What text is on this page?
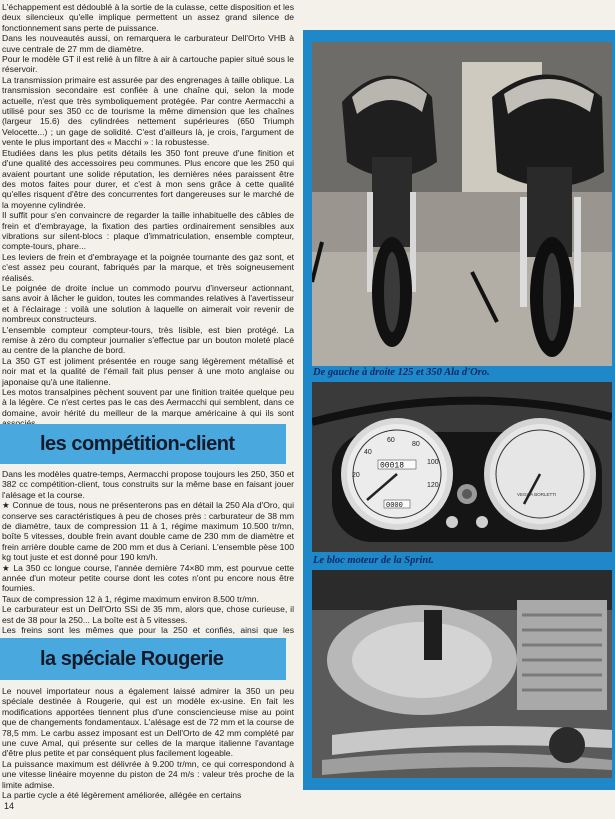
L'échappement est dédoublé à la sortie de la culasse, cette disposition et les deux silencieux qu'elle implique permettent un assez grand silence de fonctionnement sans perte de puissance.

Dans les nouveautés aussi, on remarquera le carburateur Dell'Orto VHB à cuve centrale de 27 mm de diamètre.

Pour le modèle GT il est relié à un filtre à air à cartouche papier situé sous le réservoir.

La transmission primaire est assurée par des engrenages à taille oblique. La transmission secondaire est confiée à une chaîne qui, selon la mode actuelle, n'est que très symboliquement protégée. Par contre Aermacchi a utilisé pour ses 350 cc de tourisme la même dimension que les chaînes (largeur 15.6) des cylindrées nettement supérieures (650 Triumph Velocette...) ; un gage de solidité. C'est d'ailleurs là, je crois, l'argument de vente le plus important des « Macchi » : la robustesse.

Etudiées dans les plus petits détails les 350 font preuve d'une finition et d'une qualité des accessoires peu communes. Plus encore que les 250 qui avaient pourtant une solide réputation, les dernières nées paraissent être des motos faites pour durer, et c'est à mon sens grâce à cette qualité qu'elles risquent d'être des concurrentes fort dangereuses sur le marché de la moyenne cylindrée.

Il suffit pour s'en convaincre de regarder la taille inhabituelle des câbles de frein et d'embrayage, la fixation des parties ordinairement sensibles aux vibrations sur silent-blocs : plaque d'immatriculation, ensemble compteur, compte-tours, phare...

Les leviers de frein et d'embrayage et la poignée tournante des gaz sont, et c'est assez peu courant, fabriqués par la marque, et très soigneusement réalisés.

Le poignée de droite inclue un commodo pourvu d'inverseur actionnant, sans avoir à lâcher le guidon, toutes les commandes relatives à l'avertisseur et à l'éclairage : voilà une solution à laquelle on aimerait voir revenir de nombreux constructeurs.

L'ensemble compteur compteur-tours, très lisible, est bien protégé. La remise à zéro du compteur journalier s'effectue par un bouton moleté placé au centre de la planche de bord.

La 350 GT est joliment présentée en rouge sang légèrement métallisé et noir mat et la qualité de l'émail fait plus penser à une moto anglaise ou japonaise qu'à une italienne.

Les motos transalpines pèchent souvent par une finition traitée quelque peu à la légère. Ce n'est certes pas le cas des Aermacchi qui semblent, dans ce domaine, avoir hérité du meilleur de la marque américaine à qui ils sont

les compétition-client

Dans les modèles quatre-temps, Aermacchi propose toujours les 250, 350 et 382 cc compétition-client, tous construits sur la même base en faisant jouer l'alésage et la course.

★ Connue de tous, nous ne présenterons pas en détail la 250 Ala d'Oro, qui conserve ses caractéristiques à peu de choses près : carburateur de 38 mm de diamètre, taux de compression 11 à 1, régime maximum 10.500 tr/mn, boîte 5 vitesses, double frein avant double came de 230 mm de diamètre et frein arrière double came de 200 mm et dus à Ceriani. L'ensemble pèse 100 kg tout juste et est donné pour 190 km/h.

★ La 350 cc longue course, l'année dernière 74×80 mm, est pourvue cette année d'un moteur petite course dont les cotes n'ont pu encore nous être fournies.

Taux de compression 12 à 1, régime maximum environ 8.500 tr/mn.

Le carburateur est un Dell'Orto SSi de 35 mm, alors que, chose curieuse, il est de 38 pour la 250... La boîte est à 5 vitesses.

Les freins sont les mêmes que pour la 250 et confiés, ainsi que les

la spéciale Rougerie

Le nouvel importateur nous a également laissé admirer la 350 un peu spéciale destinée à Rougerie, qui est un modèle ex-usine. En fait les modifications apportées tiennent plus d'une consciencieuse mise au point que de changements fondamentaux. L'alésage est de 72 mm et la course de 78,5 mm. Le carbu assez imposant est un Dell'Orto de 42 mm complété par une cuve Amal, qui présente sur celles de la marque italienne l'avantage d'être plus petite et par conséquent plus facilement logeable.

La puissance maximum est délivrée à 9.200 tr/mn, ce qui correspondond à une vitesse linéaire moyenne du piston de 24 m/s : valeur très proche de la limite admise.

La partie cycle a été légèrement améliorée, allégée en certains

De gauche à droite 125 et 350 Ala d'Oro.
40
60
80
100
20
120
00018
0000
VEGLIA BORLETTI
Le bloc moteur de la Sprint.
14
